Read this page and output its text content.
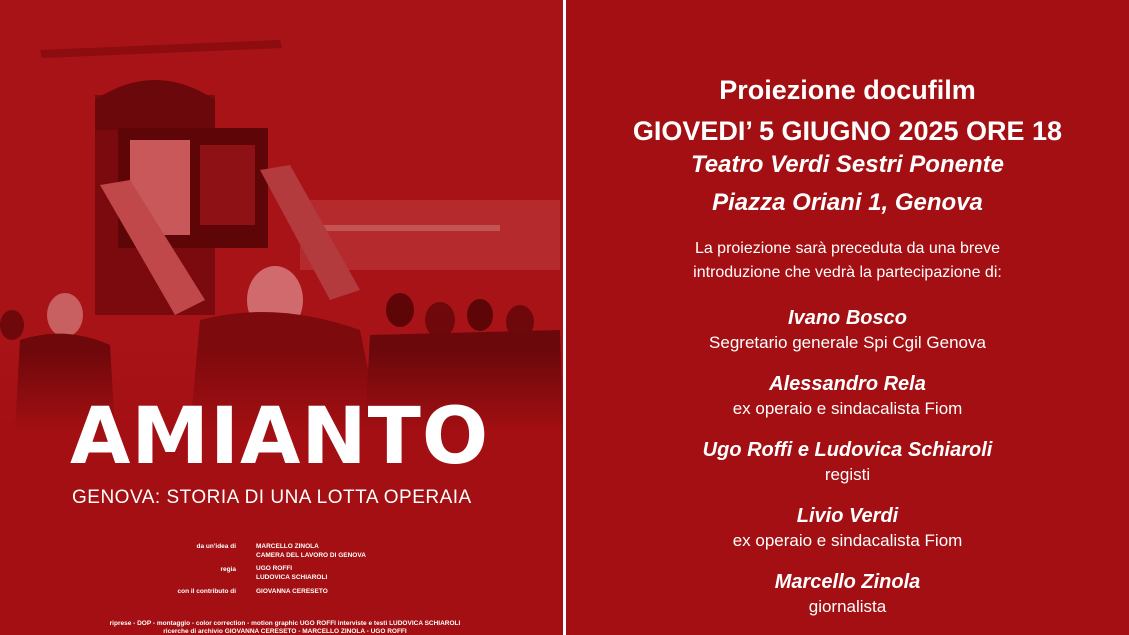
AMIANTO
GENOVA: STORIA DI UNA LOTTA OPERAIA
da un'idea di	MARCELLO ZINOLA
CAMERA DEL LAVORO DI GENOVA
regia	UGO ROFFI
LUDOVICA SCHIAROLI
con il contributo di	GIOVANNA CERESETO
riprese - DOP - montaggio - color correction - motion graphic UGO ROFFI interviste e testi LUDOVICA SCHIAROLI
ricerche di archivio GIOVANNA CERESETO - MARCELLO ZINOLA - UGO ROFFI
Proiezione docufilm
GIOVEDI’ 5 GIUGNO 2025 ORE 18
Teatro Verdi Sestri Ponente
Piazza Oriani 1, Genova
La proiezione sarà preceduta da una breve
introduzione che vedrà la partecipazione di:
Ivano Bosco
Segretario generale Spi Cgil Genova
Alessandro Rela
ex operaio e sindacalista Fiom
Ugo Roffi e Ludovica Schiaroli
registi
Livio Verdi
ex operaio e sindacalista Fiom
Marcello Zinola
giornalista
